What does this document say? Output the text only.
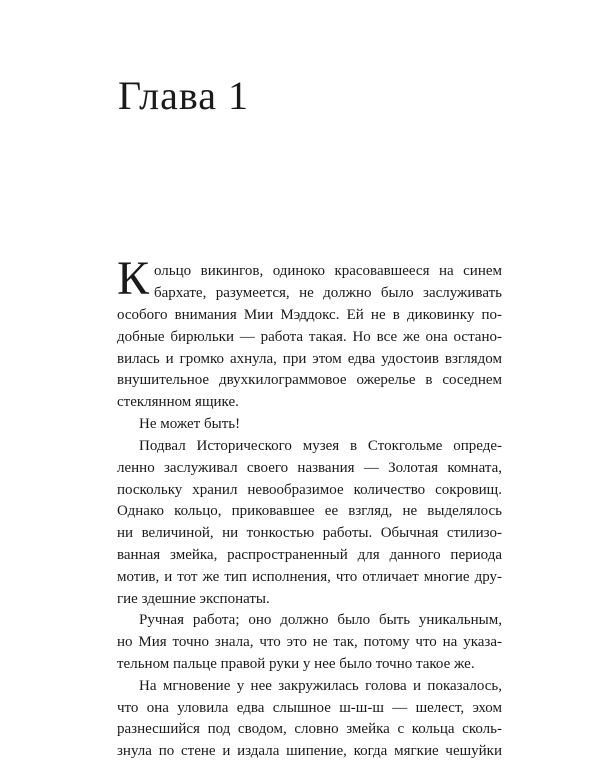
Глава 1
К ольцо викингов, одиноко красовавшееся на синем
бархате, разумеется, не должно было заслуживать
особого внимания Мии Мэддокс. Ей не в диковинку по-
добные бирюльки — работа такая. Но все же она остано-
вилась и громко ахнула, при этом едва удостоив взглядом
внушительное двухкилограммовое ожерелье в соседнем
стеклянном ящике.
Не может быть!
Подвал Исторического музея в Стокгольме опреде-
ленно заслуживал своего названия — Золотая комната,
поскольку хранил невообразимое количество сокровищ.
Однако кольцо, приковавшее ее взгляд, не выделялось
ни величиной, ни тонкостью работы. Обычная стилизо-
ванная змейка, распространенный для данного периода
мотив, и тот же тип исполнения, что отличает многие дру-
гие здешние экспонаты.
Ручная работа; оно должно было быть уникальным,
но Мия точно знала, что это не так, потому что на указа-
тельном пальце правой руки у нее было точно такое же.
На мгновение у нее закружилась голова и показалось,
что она уловила едва слышное ш-ш-ш — шелест, эхом
разнесшийся под сводом, словно змейка с кольца сколь-
знула по стене и издала шипение, когда мягкие чешуйки
